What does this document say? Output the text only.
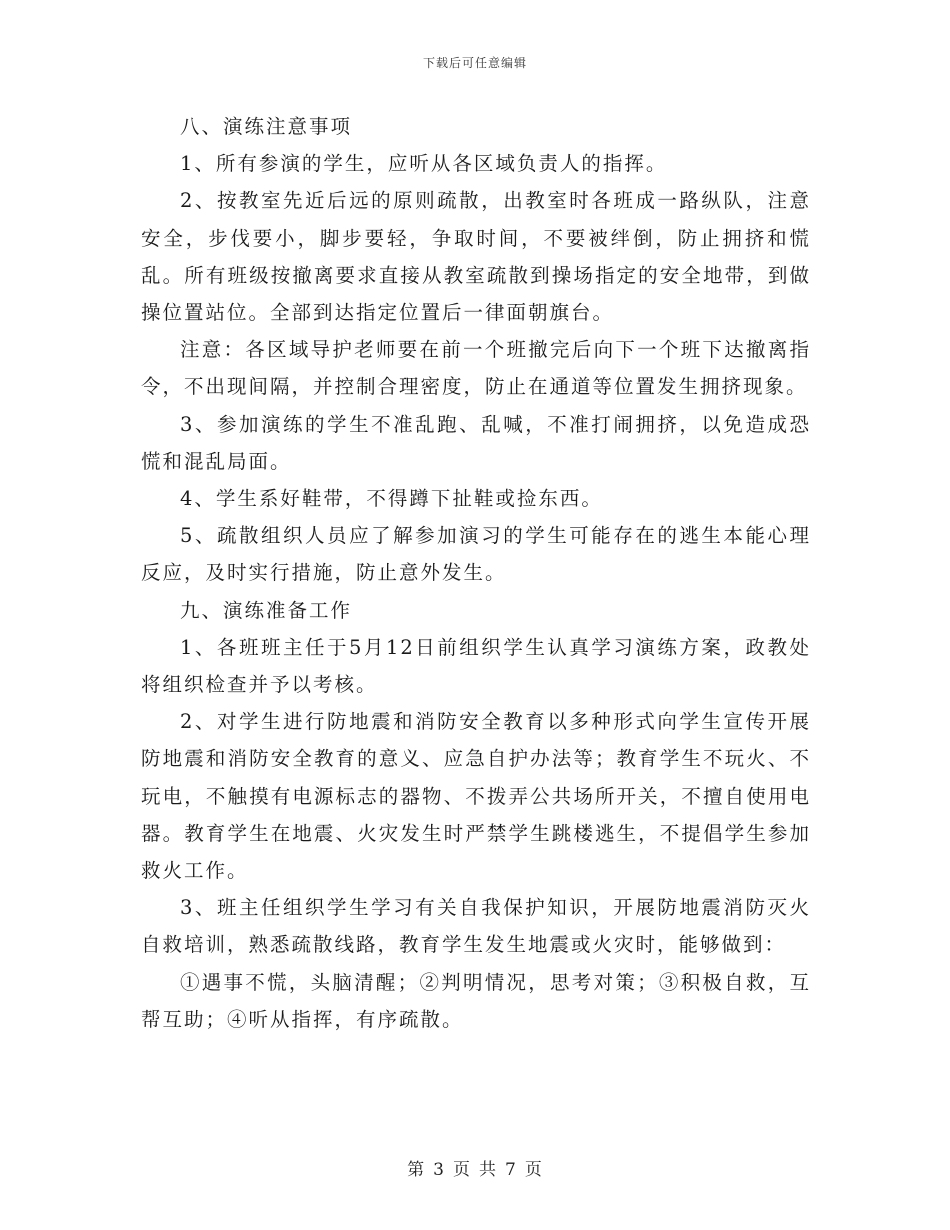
下载后可任意编辑

八、演练注意事项

1、所有参演的学生，应听从各区域负责人的指挥。

2、按教室先近后远的原则疏散，出教室时各班成一路纵队，注意安全，步伐要小，脚步要轻，争取时间，不要被绊倒，防止拥挤和慌乱。所有班级按撤离要求直接从教室疏散到操场指定的安全地带，到做操位置站位。全部到达指定位置后一律面朝旗台。

注意：各区域导护老师要在前一个班撤完后向下一个班下达撤离指令，不出现间隔，并控制合理密度，防止在通道等位置发生拥挤现象。

3、参加演练的学生不准乱跑、乱喊，不准打闹拥挤，以免造成恐慌和混乱局面。

4、学生系好鞋带，不得蹲下扯鞋或捡东西。

5、疏散组织人员应了解参加演习的学生可能存在的逃生本能心理反应，及时实行措施，防止意外发生。

九、演练准备工作

1、各班班主任于5月12日前组织学生认真学习演练方案，政教处将组织检查并予以考核。

2、对学生进行防地震和消防安全教育以多种形式向学生宣传开展防地震和消防安全教育的意义、应急自护办法等；教育学生不玩火、不玩电，不触摸有电源标志的器物、不拨弄公共场所开关，不擅自使用电器。教育学生在地震、火灾发生时严禁学生跳楼逃生，不提倡学生参加救火工作。

3、班主任组织学生学习有关自我保护知识，开展防地震消防灭火自救培训，熟悉疏散线路，教育学生发生地震或火灾时，能够做到：

①遇事不慌，头脑清醒；②判明情况，思考对策；③积极自救，互帮互助；④听从指挥，有序疏散。

第 3 页 共 7 页
